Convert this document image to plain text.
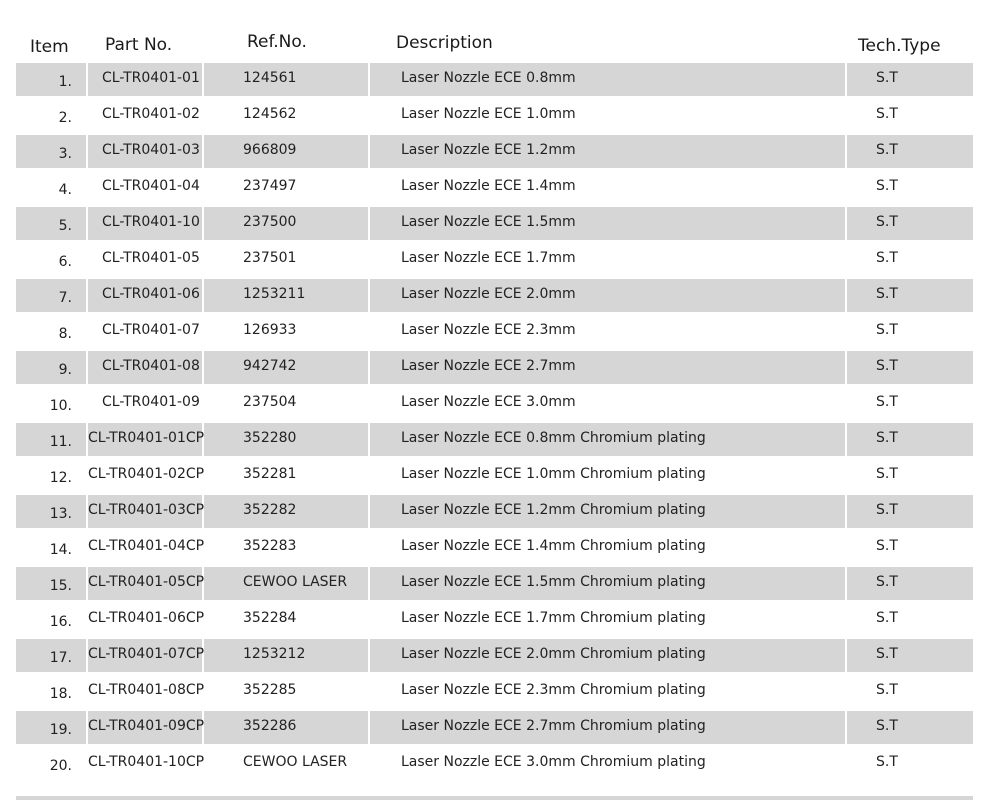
Item Part No.	Ref.No.	Description	Tech.Type
1. CL-TR0401-01	124561	Laser Nozzle ECE 0.8mm	S.T
2. CL-TR0401-02	124562	Laser Nozzle ECE 1.0mm	S.T
3. CL-TR0401-03	966809	Laser Nozzle ECE 1.2mm	S.T
4. CL-TR0401-04	237497	Laser Nozzle ECE 1.4mm	S.T
5. CL-TR0401-10	237500	Laser Nozzle ECE 1.5mm	S.T
6. CL-TR0401-05	237501	Laser Nozzle ECE 1.7mm	S.T
7. CL-TR0401-06	1253211	Laser Nozzle ECE 2.0mm	S.T
8. CL-TR0401-07	126933	Laser Nozzle ECE 2.3mm	S.T
9. CL-TR0401-08	942742	Laser Nozzle ECE 2.7mm	S.T
10. CL-TR0401-09	237504	Laser Nozzle ECE 3.0mm	S.T
11. CL-TR0401-01CP	352280	Laser Nozzle ECE 0.8mm Chromium plating	S.T
12. CL-TR0401-02CP	352281	Laser Nozzle ECE 1.0mm Chromium plating	S.T
13. CL-TR0401-03CP	352282	Laser Nozzle ECE 1.2mm Chromium plating	S.T
14. CL-TR0401-04CP	352283	Laser Nozzle ECE 1.4mm Chromium plating	S.T
15. CL-TR0401-05CP	CEWOO LASER	Laser Nozzle ECE 1.5mm Chromium plating	S.T
16. CL-TR0401-06CP	352284	Laser Nozzle ECE 1.7mm Chromium plating	S.T
17. CL-TR0401-07CP	1253212	Laser Nozzle ECE 2.0mm Chromium plating	S.T
18. CL-TR0401-08CP	352285	Laser Nozzle ECE 2.3mm Chromium plating	S.T
19. CL-TR0401-09CP	352286	Laser Nozzle ECE 2.7mm Chromium plating	S.T
20. CL-TR0401-10CP	CEWOO LASER	Laser Nozzle ECE 3.0mm Chromium plating	S.T
